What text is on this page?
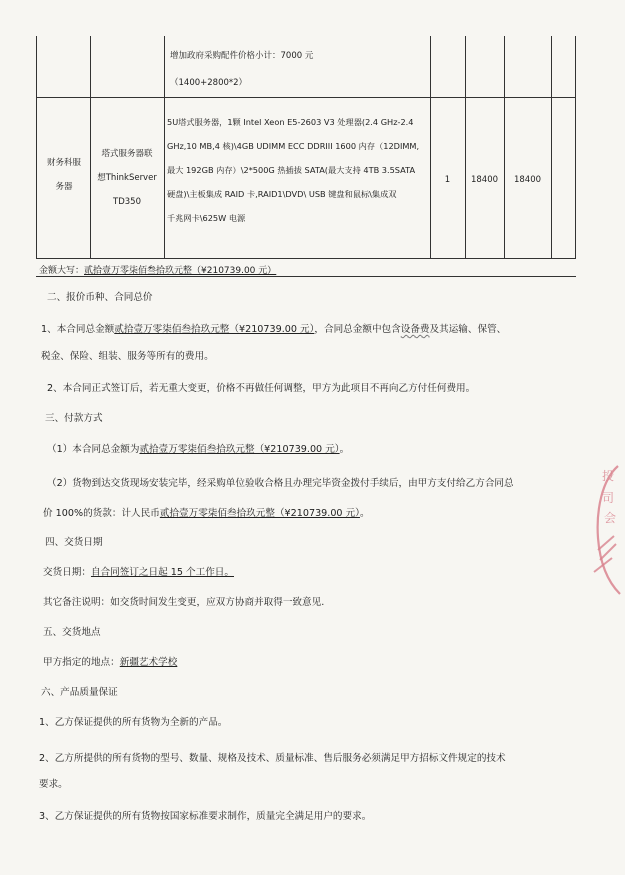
增加政府采购配件价格小计：7000 元
（1400+2800*2）
财务科服
务器
塔式服务器联
想ThinkServer
TD350
5U塔式服务器，1颗 Intel Xeon E5-2603 V3 处理器(2.4 GHz-2.4
GHz,10 MB,4 核)\4GB UDIMM ECC DDRIII 1600 内存（12DIMM,
最大 192GB 内存）\2*500G 热插拔 SATA(最大支持 4TB 3.5SATA
硬盘)\主板集成 RAID 卡,RAID1\DVD\ USB 键盘和鼠标\集成双
千兆网卡\625W 电源
1	18400	18400
金额大写：贰拾壹万零柒佰叁拾玖元整（¥210739.00 元）
二、报价币种、合同总价
1、本合同总金额贰拾壹万零柒佰叁拾玖元整（¥210739.00 元），合同总金额中包含设备费及其运输、保管、
税金、保险、组装、服务等所有的费用。
2、本合同正式签订后，若无重大变更，价格不再做任何调整，甲方为此项目不再向乙方付任何费用。
三、付款方式
（1）本合同总金额为贰拾壹万零柒佰叁拾玖元整（¥210739.00 元）。
（2）货物到达交货现场安装完毕，经采购单位验收合格且办理完毕资金拨付手续后，由甲方支付给乙方合同总
价 100%的货款：计人民币贰拾壹万零柒佰叁拾玖元整（¥210739.00 元）。
四、交货日期
交货日期：自合同签订之日起 15 个工作日。
其它备注说明：如交货时间发生变更，应双方协商并取得一致意见.
五、交货地点
甲方指定的地点：新疆艺术学校
六、产品质量保证
1、乙方保证提供的所有货物为全新的产品。
2、乙方所提供的所有货物的型号、数量、规格及技术、质量标准、售后服务必须满足甲方招标文件规定的技术
要求。
3、乙方保证提供的所有货物按国家标准要求制作，质量完全满足用户的要求。
投
司
会
